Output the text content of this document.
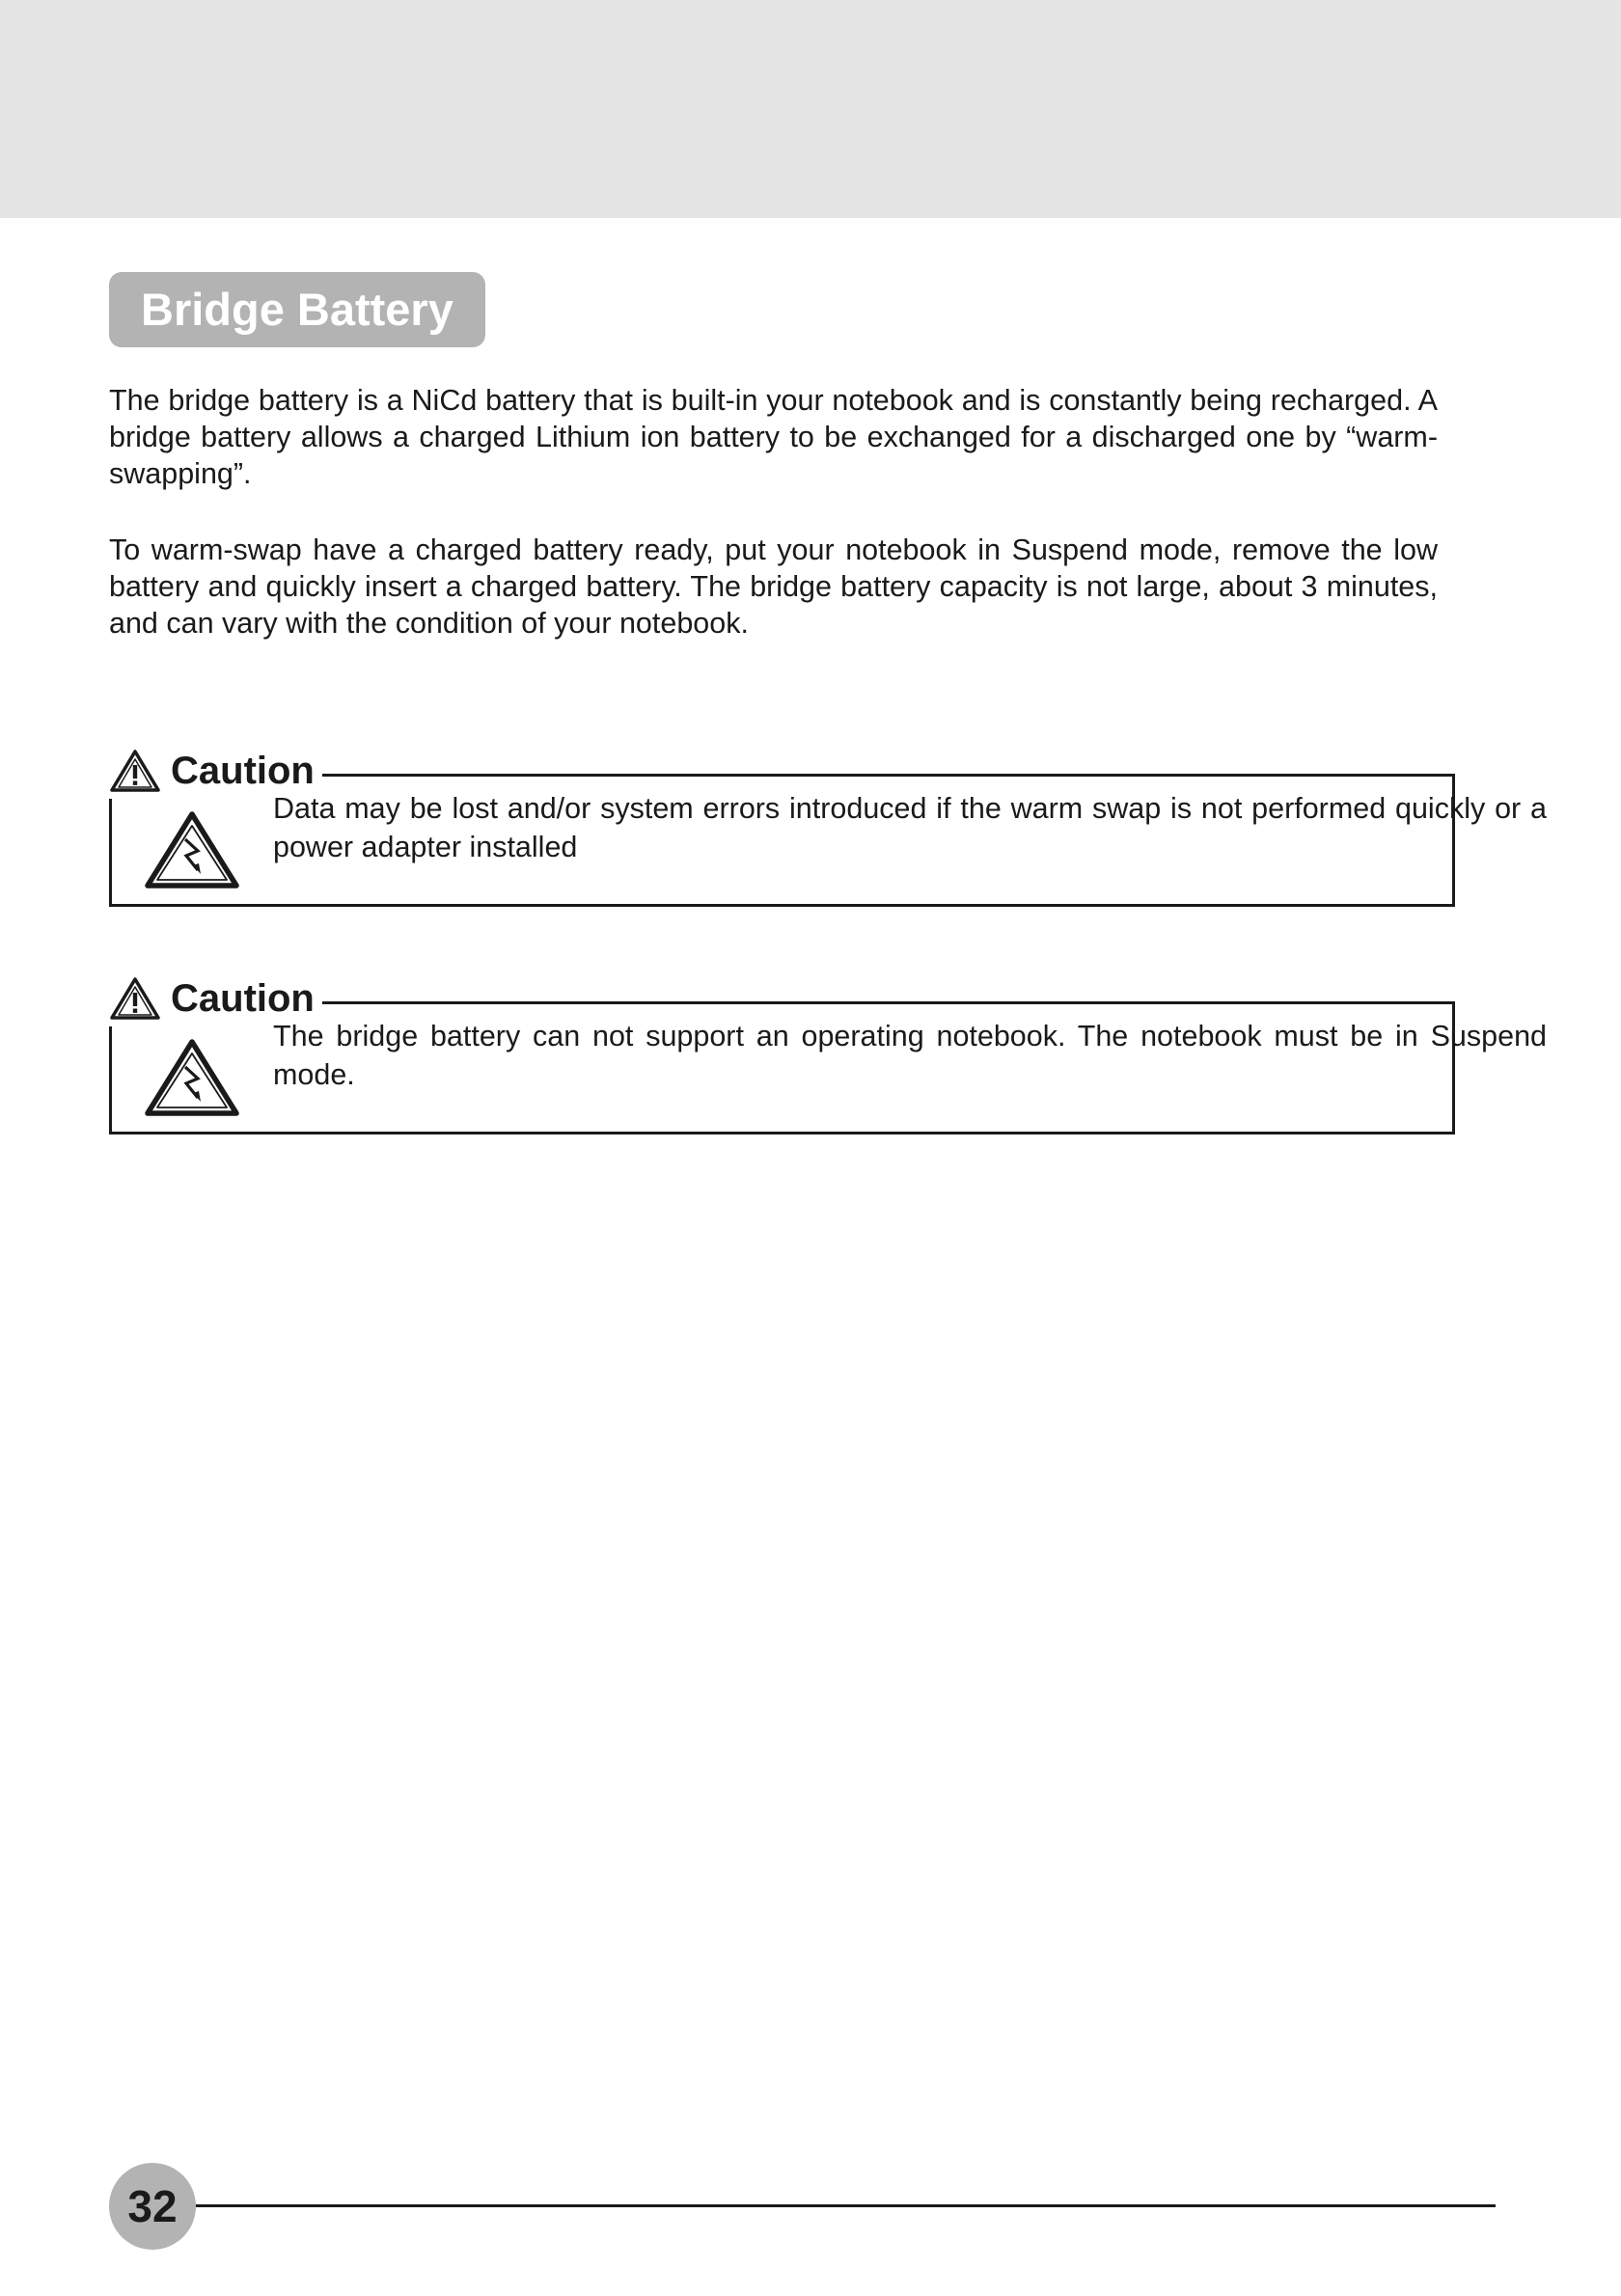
Bridge Battery

The bridge battery is a NiCd battery that is built-in your notebook and is constantly being recharged. A bridge battery allows a charged Lithium ion battery to be exchanged for a discharged one by “warm-swapping”.

To warm-swap have a charged battery ready, put your notebook in Suspend mode, remove the low battery and quickly insert a charged battery. The bridge battery capacity is not large, about 3 minutes, and can vary with the condition of your notebook.

Caution

Data may be lost and/or system errors introduced if the warm swap is not performed quickly or a power adapter installed

Caution

The bridge battery can not support an operating notebook. The notebook must be in Suspend mode.

32
